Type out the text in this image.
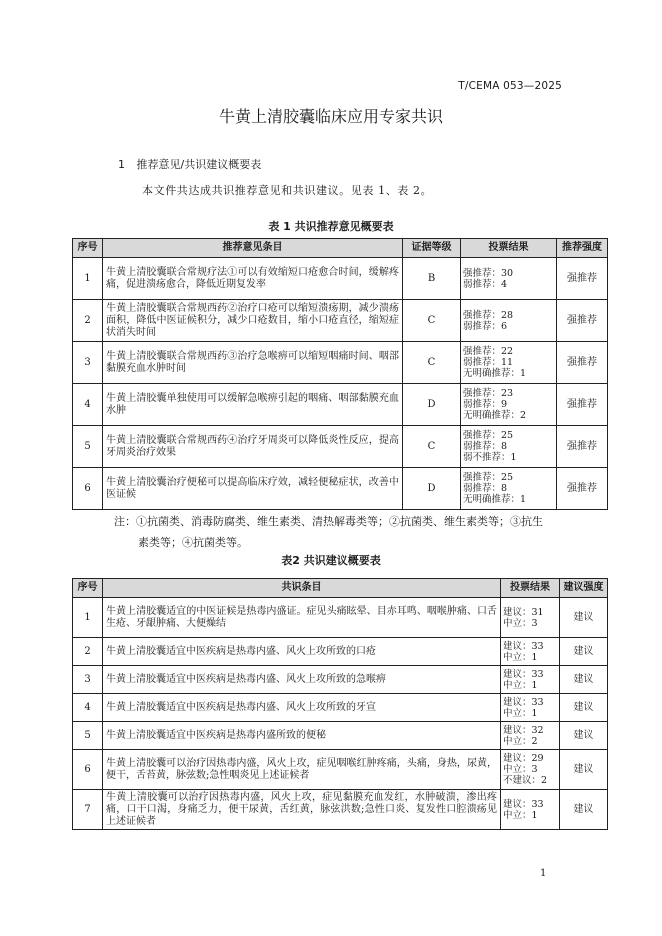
T/CEMA 053—2025
牛黄上清胶囊临床应用专家共识
1 推荐意见/共识建议概要表
本文件共达成共识推荐意见和共识建议。见表 1、表 2。
表 1 共识推荐意见概要表
序号	推荐意见条目	证据等级	投票结果	推荐强度
1	牛黄上清胶囊联合常规疗法①可以有效缩短口疮愈合时间，缓解疼痛，促进溃疡愈合，降低近期复发率	B	强推荐：30
弱推荐：4	强推荐
2	牛黄上清胶囊联合常规西药②治疗口疮可以缩短溃疡期，减少溃疡面积，降低中医证候积分，减少口疮数目，缩小口疮直径，缩短症状消失时间	C	强推荐：28
弱推荐：6	强推荐
3	牛黄上清胶囊联合常规西药③治疗急喉痹可以缩短咽痛时间、咽部黏膜充血水肿时间	C	强推荐：22
弱推荐：11
无明确推荐：1	强推荐
4	牛黄上清胶囊单独使用可以缓解急喉痹引起的咽痛、咽部黏膜充血水肿	D	强推荐：23
弱推荐：9
无明确推荐：2	强推荐
5	牛黄上清胶囊联合常规西药④治疗牙周炎可以降低炎性反应，提高牙周炎治疗效果	C	强推荐：25
弱推荐：8
弱不推荐：1	强推荐
6	牛黄上清胶囊治疗便秘可以提高临床疗效，减轻便秘症状，改善中医证候	D	强推荐：25
弱推荐：8
无明确推荐：1	强推荐
注：①抗菌类、消毒防腐类、维生素类、清热解毒类等；②抗菌类、维生素类等；③抗生
素类等；④抗菌类等。
表2 共识建议概要表
序号	共识条目	投票结果	建议强度
1	牛黄上清胶囊适宜的中医证候是热毒内盛证。症见头痛眩晕、目赤耳鸣、咽喉肿痛、口舌生疮、牙龈肿痛、大便燥结	建议：31
中立：3	建议
2	牛黄上清胶囊适宜中医疾病是热毒内盛、风火上攻所致的口疮	建议：33
中立：1	建议
3	牛黄上清胶囊适宜中医疾病是热毒内盛、风火上攻所致的急喉痹	建议：33
中立：1	建议
4	牛黄上清胶囊适宜中医疾病是热毒内盛、风火上攻所致的牙宣	建议：33
中立：1	建议
5	牛黄上清胶囊适宜中医疾病是热毒内盛所致的便秘	建议：32
中立：2	建议
6	牛黄上清胶囊可以治疗因热毒内盛，风火上攻，症见咽喉红肿疼痛，头痛，身热，尿黄，便干，舌苔黄，脉弦数;急性咽炎见上述证候者	建议：29
中立：3
不建议：2	建议
7	牛黄上清胶囊可以治疗因热毒内盛，风火上攻，症见黏膜充血发红，水肿破溃，渗出疼痛，口干口渴，身痛乏力，便干尿黄，舌红黄，脉弦洪数;急性口炎、复发性口腔溃疡见上述证候者	建议：33
中立：1	建议
1
